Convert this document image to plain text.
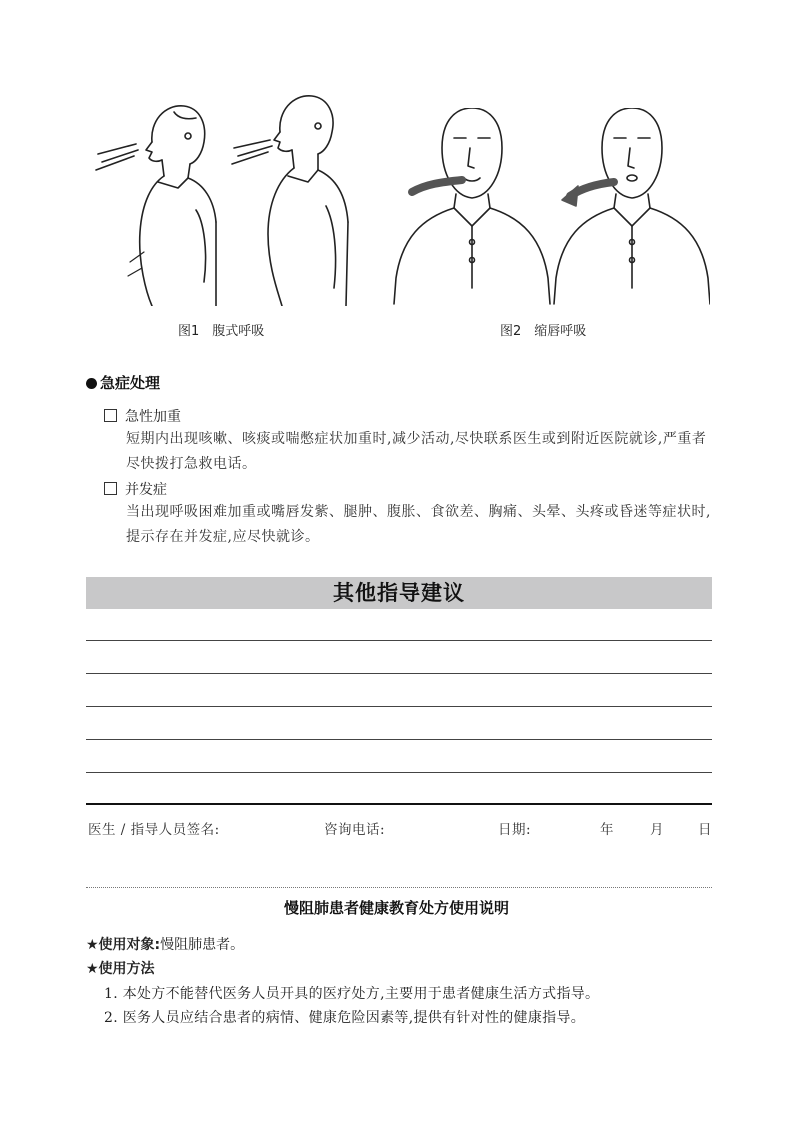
图1　腹式呼吸	图2　缩唇呼吸
急症处理
急性加重
短期内出现咳嗽、咳痰或喘憋症状加重时,减少活动,尽快联系医生或到附近医院就诊,严重者尽快拨打急救电话。
并发症
当出现呼吸困难加重或嘴唇发紫、腿肿、腹胀、食欲差、胸痛、头晕、头疼或昏迷等症状时,提示存在并发症,应尽快就诊。
其他指导建议
医生 / 指导人员签名:	咨询电话:	日期:	年	月	日
慢阻肺患者健康教育处方使用说明
★使用对象:慢阻肺患者。
★使用方法
1. 本处方不能替代医务人员开具的医疗处方,主要用于患者健康生活方式指导。
2. 医务人员应结合患者的病情、健康危险因素等,提供有针对性的健康指导。
